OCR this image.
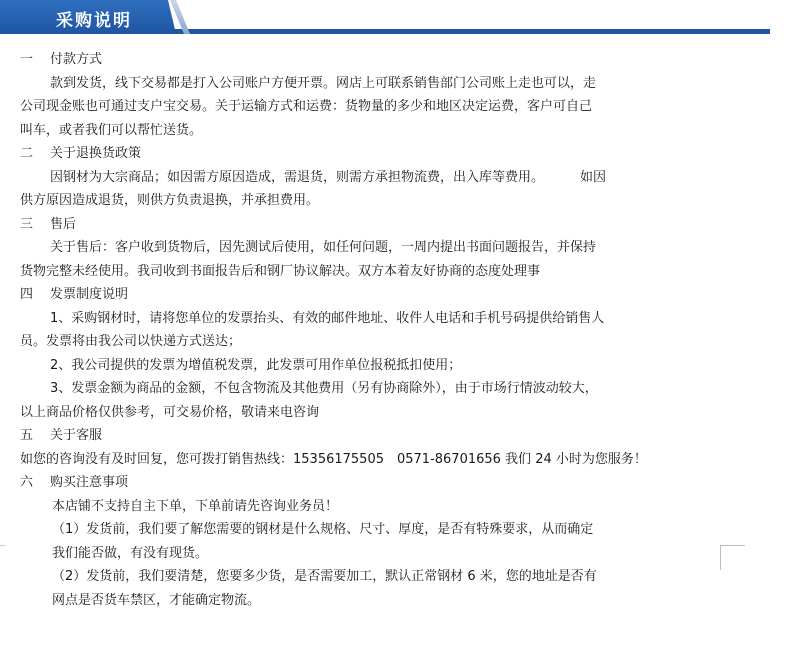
采购说明
一 付款方式
款到发货，线下交易都是打入公司账户方便开票。网店上可联系销售部门公司账上走也可以，走
公司现金账也可通过支户宝交易。关于运输方式和运费：货物量的多少和地区决定运费，客户可自己
叫车，或者我们可以帮忙送货。
二 关于退换货政策
因钢材为大宗商品；如因需方原因造成，需退货，则需方承担物流费，出入库等费用。	如因
供方原因造成退货，则供方负责退换，并承担费用。
三 售后
关于售后：客户收到货物后，因先测试后使用，如任何问题，一周内提出书面问题报告，并保持
货物完整未经使用。我司收到书面报告后和钢厂协议解决。双方本着友好协商的态度处理事
四 发票制度说明
1、采购钢材时，请将您单位的发票抬头、有效的邮件地址、收件人电话和手机号码提供给销售人
员。发票将由我公司以快递方式送达；
2、我公司提供的发票为增值税发票，此发票可用作单位报税抵扣使用；
3、发票金额为商品的金额，不包含物流及其他费用（另有协商除外），由于市场行情波动较大，
以上商品价格仅供参考，可交易价格，敬请来电咨询
五 关于客服
如您的咨询没有及时回复，您可拨打销售热线：15356175505　0571-86701656 我们 24 小时为您服务！
六 购买注意事项
本店铺不支持自主下单，下单前请先咨询业务员！
（1）发货前，我们要了解您需要的钢材是什么规格、尺寸、厚度，是否有特殊要求，从而确定
我们能否做，有没有现货。
（2）发货前，我们要清楚，您要多少货，是否需要加工，默认正常钢材 6 米，您的地址是否有
网点是否货车禁区，才能确定物流。
